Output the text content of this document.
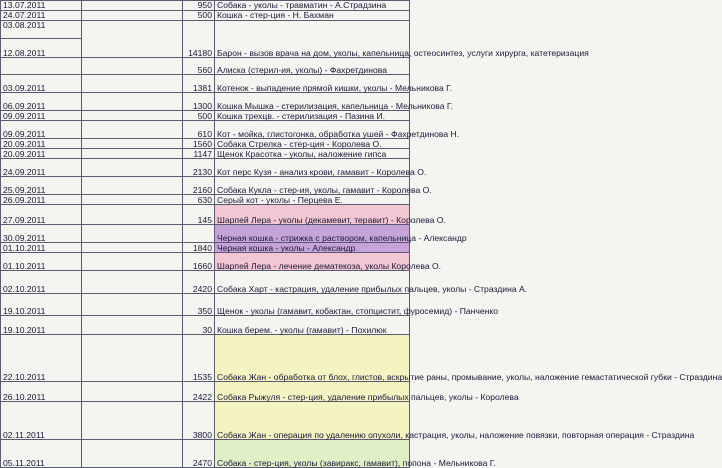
13.07.2011		950	Собака - уколы - травматин - А.Страдзина
24.07.2011		500	Кошка - стер-ция - Н. Бахман

03.08.2011
12.08.2011		14180	Барон - вызов врача на дом, уколы, капельница, остеосинтез, услуги хирурга, катетеризация
		560	Алиска (стерил-ия, уколы) - Фахретдинова
03.09.2011		1381	Котенок - выпадение прямой кишки, уколы - Мельникова Г.
06.09.2011		1300	Кошка Мышка - стерилизация, капельница - Мельникова Г.
09.09.2011		500	Кошка трехцв. - стерилизация - Пазина И.
09.09.2011		610	Кот - мойка, глистогонка, обработка ушей - Фахретдинова Н.
20.09.2011		1560	Собака Стрелка - стер-ция - Королева О.
20.09.2011		1147	Щенок Красотка - уколы, наложение гипса
24.09.2011		2130	Кот перс Кузя - анализ крови, гамавит - Королева О.
25.09.2011		2160	Собака Кукла - стер-ия, уколы, гамавит - Королева О.
26.09.2011		630	Серый кот - уколы - Перцева Е.
27.09.2011		145	Шарпей Лера - уколы (декамевит, теравит) - Королева О.
30.09.2011			Черная кошка - стрижка с раствором, капельница - Александр
01.10.2011		1840	Черная кошка - уколы - Александр
01.10.2011		1660	Шарпей Лера - лечение дематекоза, уколы Королева О.
02.10.2011		2420	Собака Харт - кастрация, удаление прибылых пальцев, уколы - Страздина А.
19.10.2011		350	Щенок - уколы (гамавит, кобактан, стопцистит, фуросемид) - Панченко
19.10.2011		30	Кошка берем. - уколы (гамавит) - Похилюк
22.10.2011		1535	Собака Жан - обработка от блох, глистов, вскрытие раны, промывание, уколы, наложение гемастатической губки - Страздина
26.10.2011		2422	Собака Рыжуля - стер-ция, удаление прибылых пальцев, уколы - Королева
02.11.2011		3800	Собака Жан - операция по удалению опухоли, кастрация, уколы, наложение повязки, повторная операция - Страздина
05.11.2011		2470	Собака - стер-ция, уколы (завиракс, гамавит), попона - Мельникова Г.
